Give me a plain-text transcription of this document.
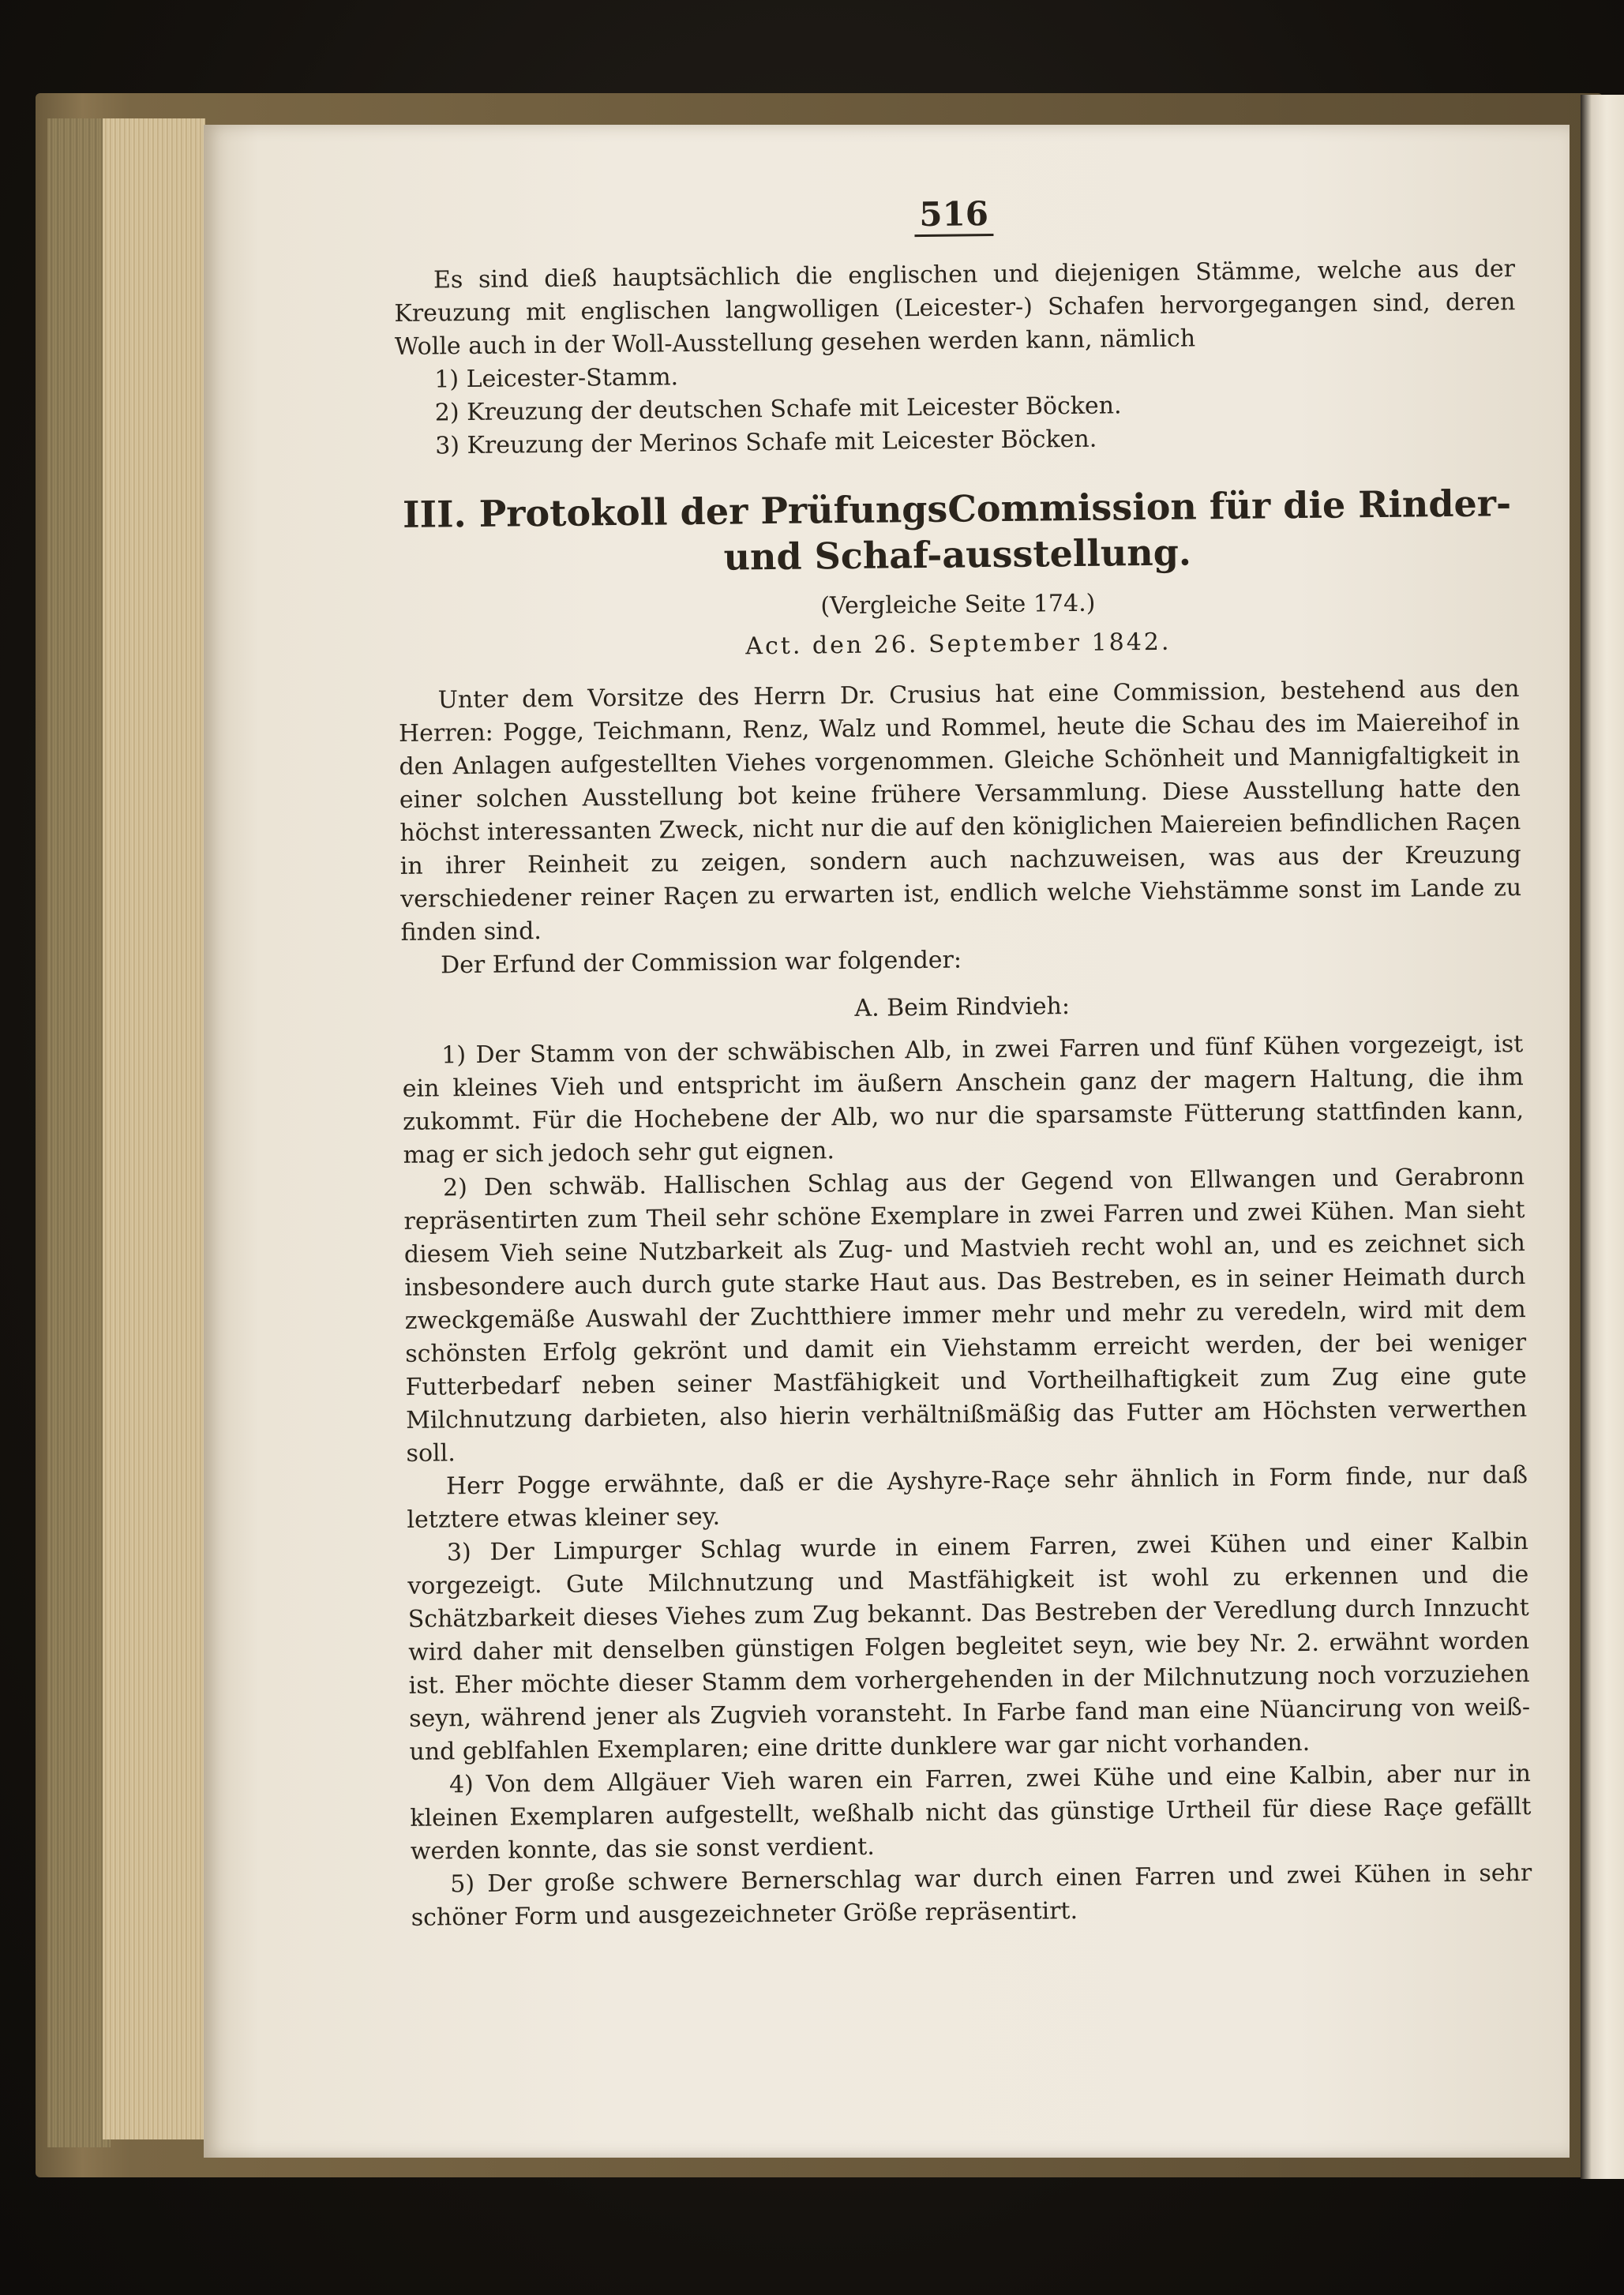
516

Es sind dieß hauptsächlich die englischen und diejenigen Stämme, welche aus der Kreuzung mit englischen langwolligen (Leicester-) Schafen hervorgegangen sind, deren Wolle auch in der Woll-Ausstellung gesehen werden kann, nämlich

1) Leicester-Stamm.

2) Kreuzung der deutschen Schafe mit Leicester Böcken.

3) Kreuzung der Merinos Schafe mit Leicester Böcken.

III. Protokoll der PrüfungsCommission für die Rinder- und Schaf-ausstellung.

(Vergleiche Seite 174.)

Act. den 26. September 1842.

Unter dem Vorsitze des Herrn Dr. Crusius hat eine Commission, bestehend aus den Herren: Pogge, Teichmann, Renz, Walz und Rommel, heute die Schau des im Maiereihof in den Anlagen aufgestellten Viehes vorgenommen. Gleiche Schönheit und Mannigfaltigkeit in einer solchen Ausstellung bot keine frühere Versammlung. Diese Ausstellung hatte den höchst interessanten Zweck, nicht nur die auf den königlichen Maiereien befindlichen Raçen in ihrer Reinheit zu zeigen, sondern auch nachzuweisen, was aus der Kreuzung verschiedener reiner Raçen zu erwarten ist, endlich welche Viehstämme sonst im Lande zu finden sind.

Der Erfund der Commission war folgender:

A. Beim Rindvieh:

1) Der Stamm von der schwäbischen Alb, in zwei Farren und fünf Kühen vorgezeigt, ist ein kleines Vieh und entspricht im äußern Anschein ganz der magern Haltung, die ihm zukommt. Für die Hochebene der Alb, wo nur die sparsamste Fütterung stattfinden kann, mag er sich jedoch sehr gut eignen.

2) Den schwäb. Hallischen Schlag aus der Gegend von Ellwangen und Gerabronn repräsentirten zum Theil sehr schöne Exemplare in zwei Farren und zwei Kühen. Man sieht diesem Vieh seine Nutzbarkeit als Zug- und Mastvieh recht wohl an, und es zeichnet sich insbesondere auch durch gute starke Haut aus. Das Bestreben, es in seiner Heimath durch zweckgemäße Auswahl der Zuchtthiere immer mehr und mehr zu veredeln, wird mit dem schönsten Erfolg gekrönt und damit ein Viehstamm erreicht werden, der bei weniger Futterbedarf neben seiner Mastfähigkeit und Vortheilhaftigkeit zum Zug eine gute Milchnutzung darbieten, also hierin verhältnißmäßig das Futter am Höchsten verwerthen soll.

Herr Pogge erwähnte, daß er die Ayshyre-Raçe sehr ähnlich in Form finde, nur daß letztere etwas kleiner sey.

3) Der Limpurger Schlag wurde in einem Farren, zwei Kühen und einer Kalbin vorgezeigt. Gute Milchnutzung und Mastfähigkeit ist wohl zu erkennen und die Schätzbarkeit dieses Viehes zum Zug bekannt. Das Bestreben der Veredlung durch Innzucht wird daher mit denselben günstigen Folgen begleitet seyn, wie bey Nr. 2. erwähnt worden ist. Eher möchte dieser Stamm dem vorhergehenden in der Milchnutzung noch vorzuziehen seyn, während jener als Zugvieh voransteht. In Farbe fand man eine Nüancirung von weiß- und geblfahlen Exemplaren; eine dritte dunklere war gar nicht vorhanden.

4) Von dem Allgäuer Vieh waren ein Farren, zwei Kühe und eine Kalbin, aber nur in kleinen Exemplaren aufgestellt, weßhalb nicht das günstige Urtheil für diese Raçe gefällt werden konnte, das sie sonst verdient.

5) Der große schwere Bernerschlag war durch einen Farren und zwei Kühen in sehr schöner Form und ausgezeichneter Größe repräsentirt.
